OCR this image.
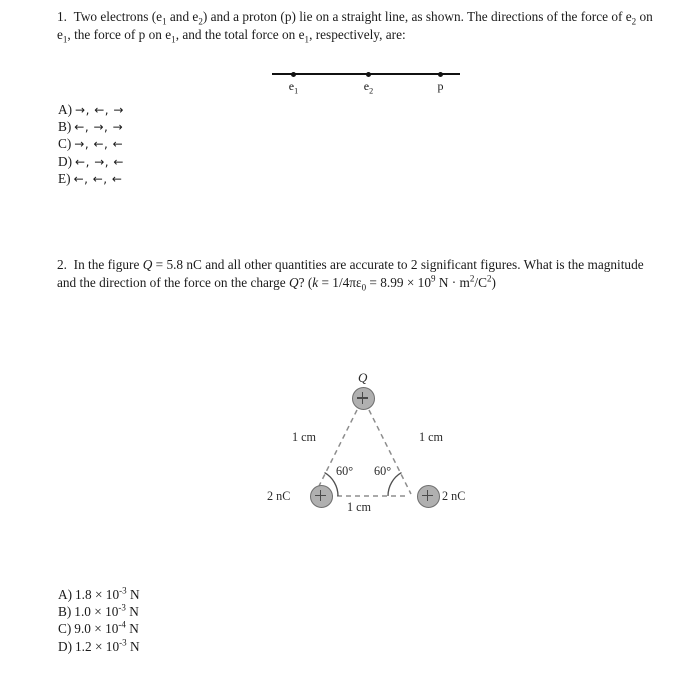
1. Two electrons ($e_1$ and $e_2$) and a proton (p) lie on a straight line, as shown. The directions of the force of $e_2$ on $e_1$, the force of p on $e_1$, and the total force on $e_1$, respectively, are:
$e_1$	$e_2$	p
A) →, ←, →
B) ←, →, →
C) →, ←, ←
D) ←, →, ←
E) ←, ←, ←
2. In the figure Q = 5.8 nC and all other quantities are accurate to 2 significant figures. What is the magnitude and the direction of the force on the charge Q? ($k = 1/4\pi\varepsilon_0 = 8.99 \times 10^9$ $N \cdot m^2/C^2$)
Q
2 nC	2 nC
1 cm	1 cm
1 cm
60° 60°
A) $1.8 \times 10^{-3}$ N
B) $1.0 \times 10^{-3}$ N
C) $9.0 \times 10^{-4}$ N
D) $1.2 \times 10^{-3}$ N
